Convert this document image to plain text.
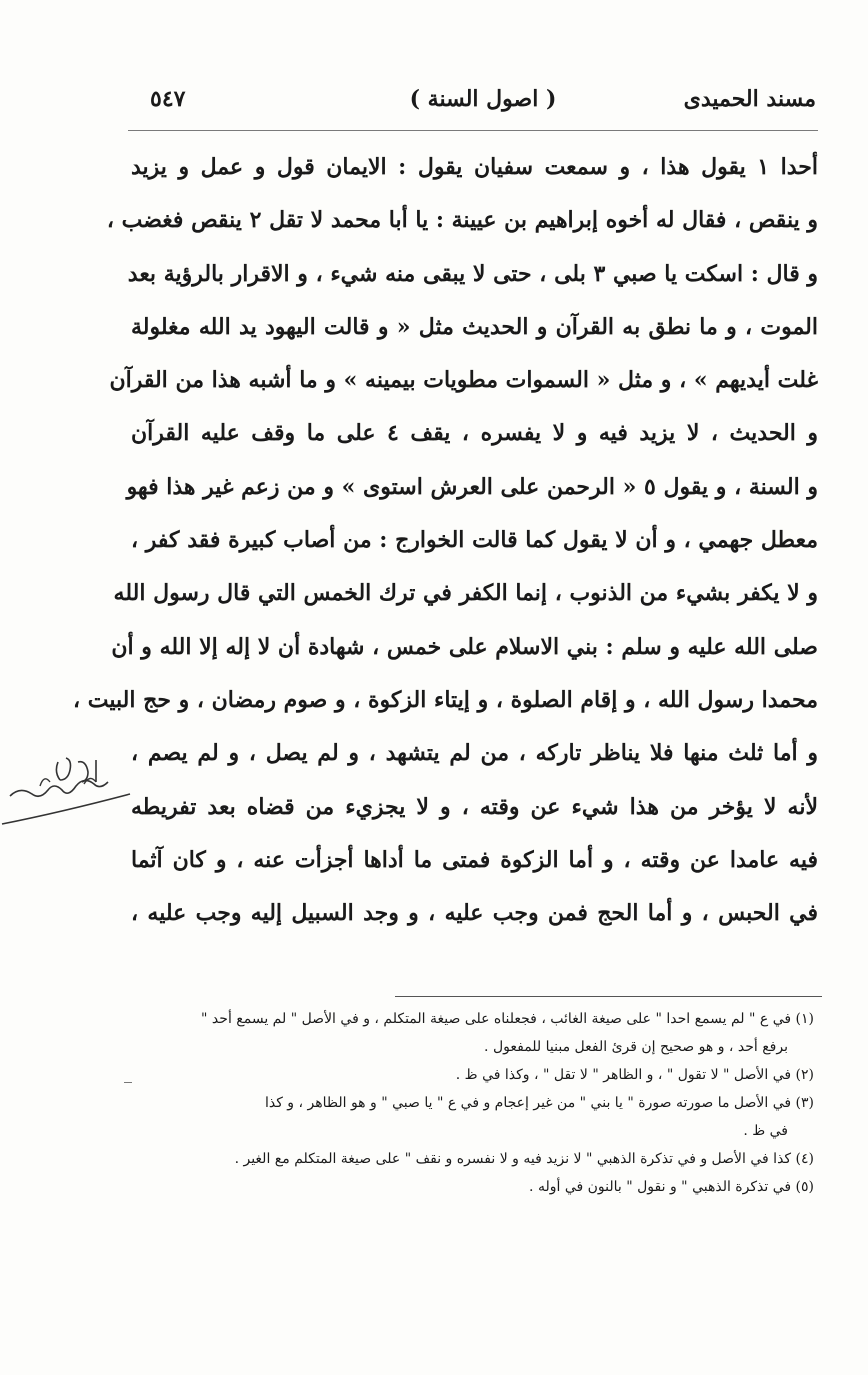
مسند الحميدى
( اصول السنة )
٥٤٧
أحدا ١ يقول هذا ، و سمعت سفيان يقول : الايمان قول و عمل و يزيد
و ينقص ، فقال له أخوه إبراهيم بن عيينة : يا أبا محمد لا تقل ٢ ينقص فغضب ،
و قال : اسكت يا صبي ٣ بلى ، حتى لا يبقى منه شيء ، و الاقرار بالرؤية بعد
الموت ، و ما نطق به القرآن و الحديث مثل « و قالت اليهود يد الله مغلولة
غلت أيديهم » ، و مثل « السموات مطويات بيمينه » و ما أشبه هذا من القرآن
و الحديث ، لا يزيد فيه و لا يفسره ، يقف ٤ على ما وقف عليه القرآن
و السنة ، و يقول ٥ « الرحمن على العرش استوى » و من زعم غير هذا فهو
معطل جهمي ، و أن لا يقول كما قالت الخوارج : من أصاب كبيرة فقد كفر ،
و لا يكفر بشيء من الذنوب ، إنما الكفر في ترك الخمس التي قال رسول الله
صلى الله عليه و سلم : بني الاسلام على خمس ، شهادة أن لا إله إلا الله و أن
محمدا رسول الله ، و إقام الصلوة ، و إيتاء الزكوة ، و صوم رمضان ، و حج البيت ،
و أما ثلث منها فلا يناظر تاركه ، من لم يتشهد ، و لم يصل ، و لم يصم ،
لأنه لا يؤخر من هذا شيء عن وقته ، و لا يجزيء من قضاه بعد تفريطه
فيه عامدا عن وقته ، و أما الزكوة فمتى ما أداها أجزأت عنه ، و كان آثما
في الحبس ، و أما الحج فمن وجب عليه ، و وجد السبيل إليه وجب عليه ،
(١) في ع " لم يسمع احدا " على صيغة الغائب ، فجعلناه على صيغة المتكلم ، و في الأصل " لم يسمع أحد "
برفع أحد ، و هو صحيح إن قرئ الفعل مبنيا للمفعول .
(٢) في الأصل " لا تقول " ، و الظاهر " لا تقل " ، وكذا في ظ .
(٣) في الأصل ما صورته صورة " يا بني " من غير إعجام و في ع " يا صبي " و هو الظاهر ، و كذا
في ظ .
(٤) كذا في الأصل و في تذكرة الذهبي " لا نزيد فيه و لا نفسره و نقف " على صيغة المتكلم مع الغير .
(٥) في تذكرة الذهبي " و نقول " بالنون في أوله .
